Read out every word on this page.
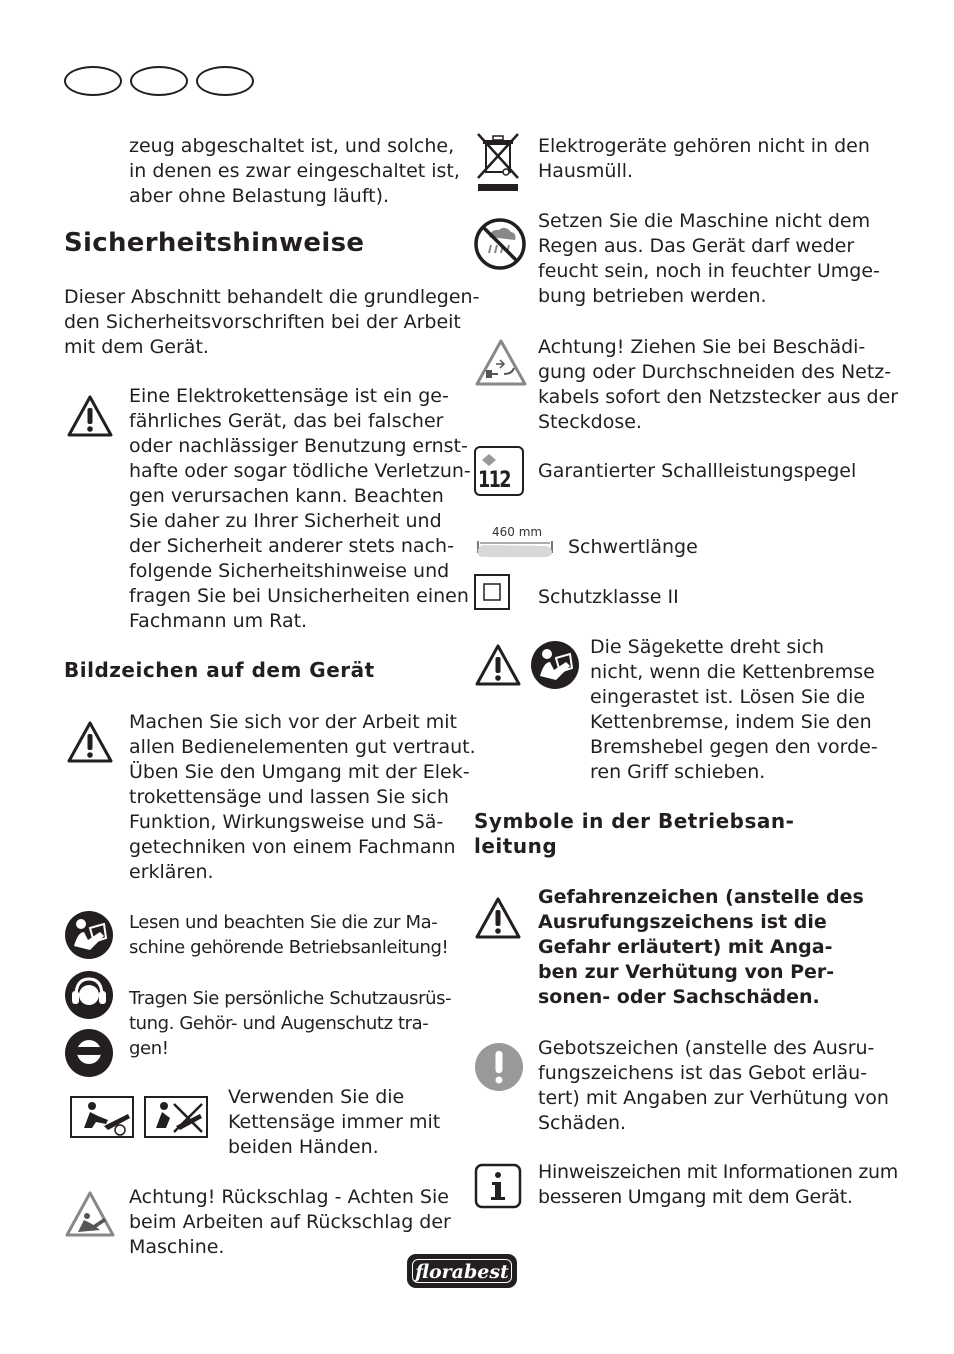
zeug abgeschaltet ist, und solche,
in denen es zwar eingeschaltet ist,
aber ohne Belastung läuft).
Sicherheitshinweise
Dieser Abschnitt behandelt die grundlegen-
den Sicherheitsvorschriften bei der Arbeit
mit dem Gerät.
Eine Elektrokettensäge ist ein ge-
fährliches Gerät, das bei falscher
oder nachlässiger Benutzung ernst-
hafte oder sogar tödliche Verletzun-
gen verursachen kann. Beachten
Sie daher zu Ihrer Sicherheit und
der Sicherheit anderer stets nach-
folgende Sicherheitshinweise und
fragen Sie bei Unsicherheiten einen
Fachmann um Rat.
Bildzeichen auf dem Gerät
Machen Sie sich vor der Arbeit mit
allen Bedienelementen gut vertraut.
Üben Sie den Umgang mit der Elek-
trokettensäge und lassen Sie sich
Funktion, Wirkungsweise und Sä-
getechniken von einem Fachmann
erklären.
Lesen und beachten Sie die zur Ma-
schine gehörende Betriebsanleitung!
Tragen Sie persönliche Schutzausrüs-
tung. Gehör- und Augenschutz tra-
gen!
Verwenden Sie die
Kettensäge immer mit
beiden Händen.
Achtung! Rückschlag - Achten Sie
beim Arbeiten auf Rückschlag der
Maschine.
Elektrogeräte gehören nicht in den
Hausmüll.
Setzen Sie die Maschine nicht dem
Regen aus. Das Gerät darf weder
feucht sein, noch in feuchter Umge-
bung betrieben werden.
Achtung! Ziehen Sie bei Beschädi-
gung oder Durchschneiden des Netz-
kabels sofort den Netzstecker aus der
Steckdose.
112 Garantierter Schallleistungspegel
460 mm
Schwertlänge
Schutzklasse II
Die Sägekette dreht sich
nicht, wenn die Kettenbremse
eingerastet ist. Lösen Sie die
Kettenbremse, indem Sie den
Bremshebel gegen den vorde-
ren Griff schieben.
Symbole in der Betriebsan-
leitung
Gefahrenzeichen (anstelle des
Ausrufungszeichens ist die
Gefahr erläutert) mit Anga-
ben zur Verhütung von Per-
sonen- oder Sachschäden.
Gebotszeichen (anstelle des Ausru-
fungszeichens ist das Gebot erläu-
tert) mit Angaben zur Verhütung von
Schäden.
Hinweiszeichen mit Informationen zum
besseren Umgang mit dem Gerät.
florabest
